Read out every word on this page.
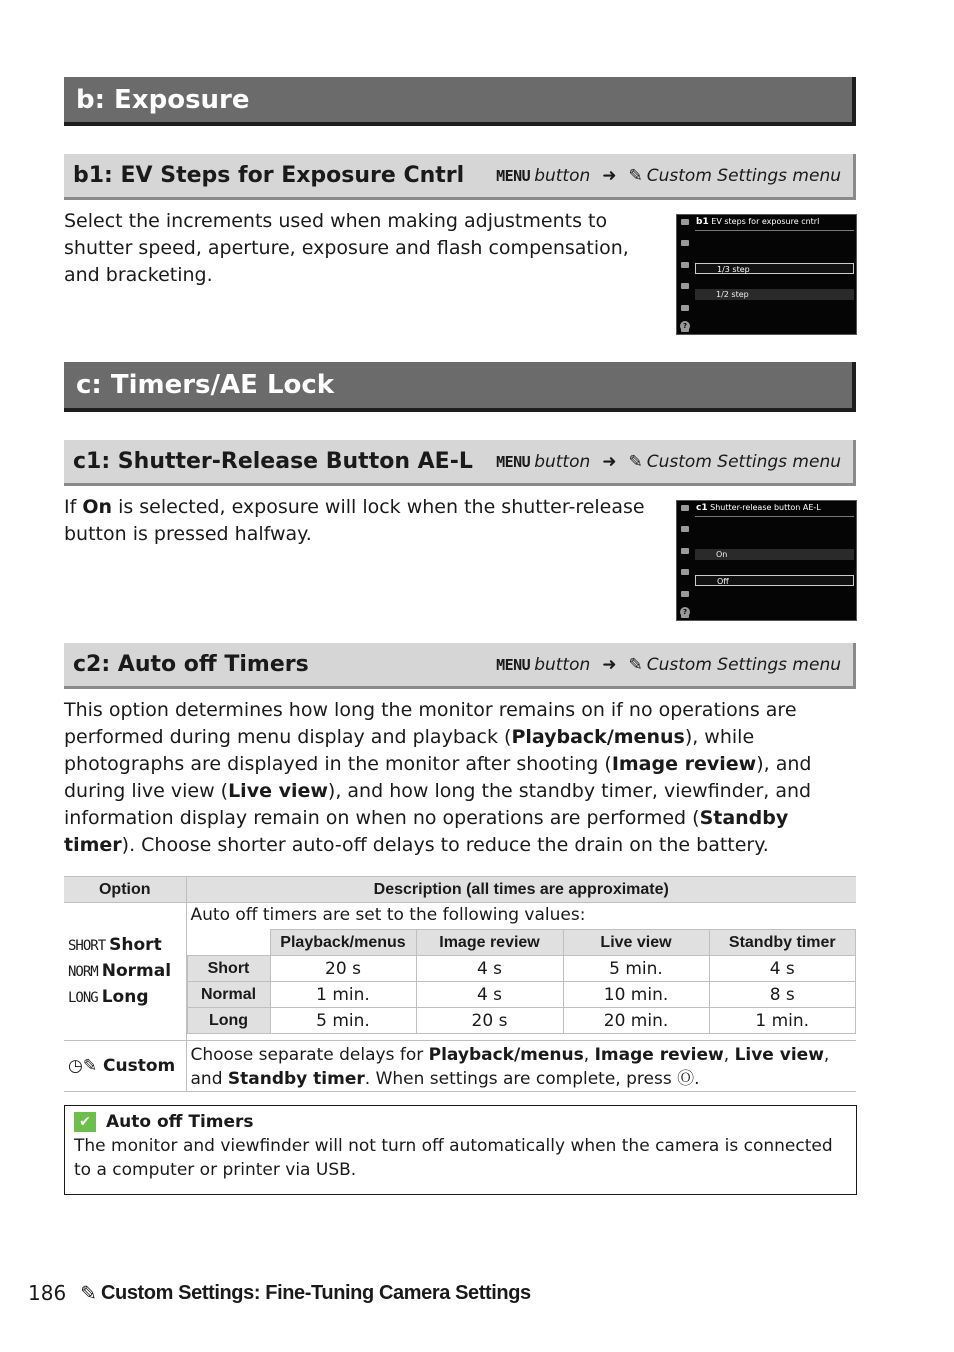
b: Exposure
b1: EV Steps for Exposure Cntrl	MENU button ➜ ✎ Custom Settings menu

Select the increments used when making adjustments to shutter speed, aperture, exposure and flash compensation, and bracketing.

b1 EV steps for exposure cntrl
1/3 step
1/2 step
?
c: Timers/AE Lock
c1: Shutter-Release Button AE-L	MENU button ➜ ✎ Custom Settings menu

If On is selected, exposure will lock when the shutter-release button is pressed halfway.

c1 Shutter-release button AE-L
On
Off
?
c2: Auto off Timers	MENU button ➜ ✎ Custom Settings menu

This option determines how long the monitor remains on if no operations are performed during menu display and playback (Playback/menus), while photographs are displayed in the monitor after shooting (Image review), and during live view (Live view), and how long the standby timer, viewfinder, and information display remain on when no operations are performed (Standby timer). Choose shorter auto-off delays to reduce the drain on the battery.

Option	Description (all times are approximate)

SHORT Short
NORM Normal
LONG Long

Auto off timers are set to the following values:
	Playback/menus	Image review	Live view	Standby timer
Short	20 s	4 s	5 min.	4 s
Normal	1 min.	4 s	10 min.	8 s
Long	5 min.	20 s	20 min.	1 min.

◷✎ Custom	Choose separate delays for Playback/menus, Image review, Live view, and Standby timer. When settings are complete, press Ⓞ.
✔ Auto off Timers
The monitor and viewfinder will not turn off automatically when the camera is connected to a computer or printer via USB.
186 ✎ Custom Settings: Fine-Tuning Camera Settings
